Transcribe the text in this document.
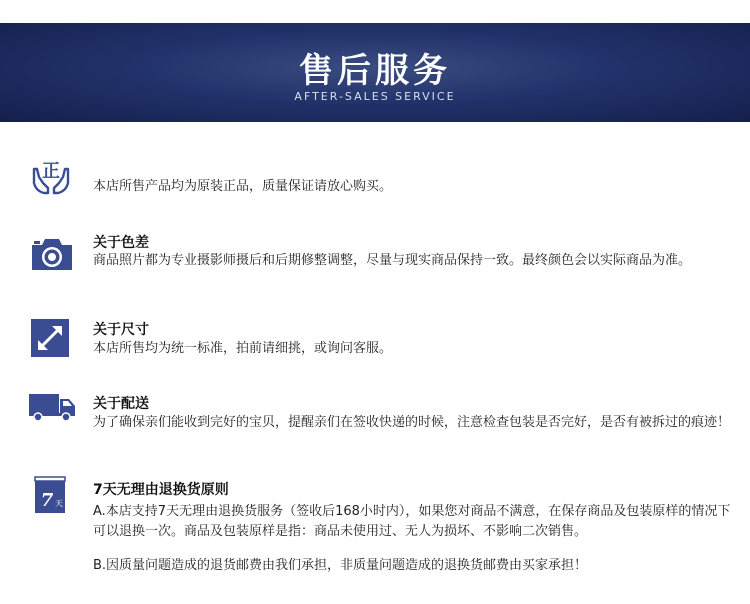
售后服务
AFTER-SALES SERVICE
正
本店所售产品均为原装正品，质量保证请放心购买。
关于色差
商品照片都为专业摄影师摄后和后期修整调整，尽量与现实商品保持一致。最终颜色会以实际商品为准。
关于尺寸
本店所售均为统一标准，拍前请细挑，或询问客服。
关于配送
为了确保亲们能收到完好的宝贝，提醒亲们在签收快递的时候，注意检查包装是否完好，是否有被拆过的痕迹！
7 天
7天无理由退换货原则
A.本店支持7天无理由退换货服务（签收后168小时内），如果您对商品不满意，在保存商品及包装原样的情况下可以退换一次。商品及包装原样是指：商品未使用过、无人为损坏、不影响二次销售。
B.因质量问题造成的退货邮费由我们承担，非质量问题造成的退换货邮费由买家承担！
